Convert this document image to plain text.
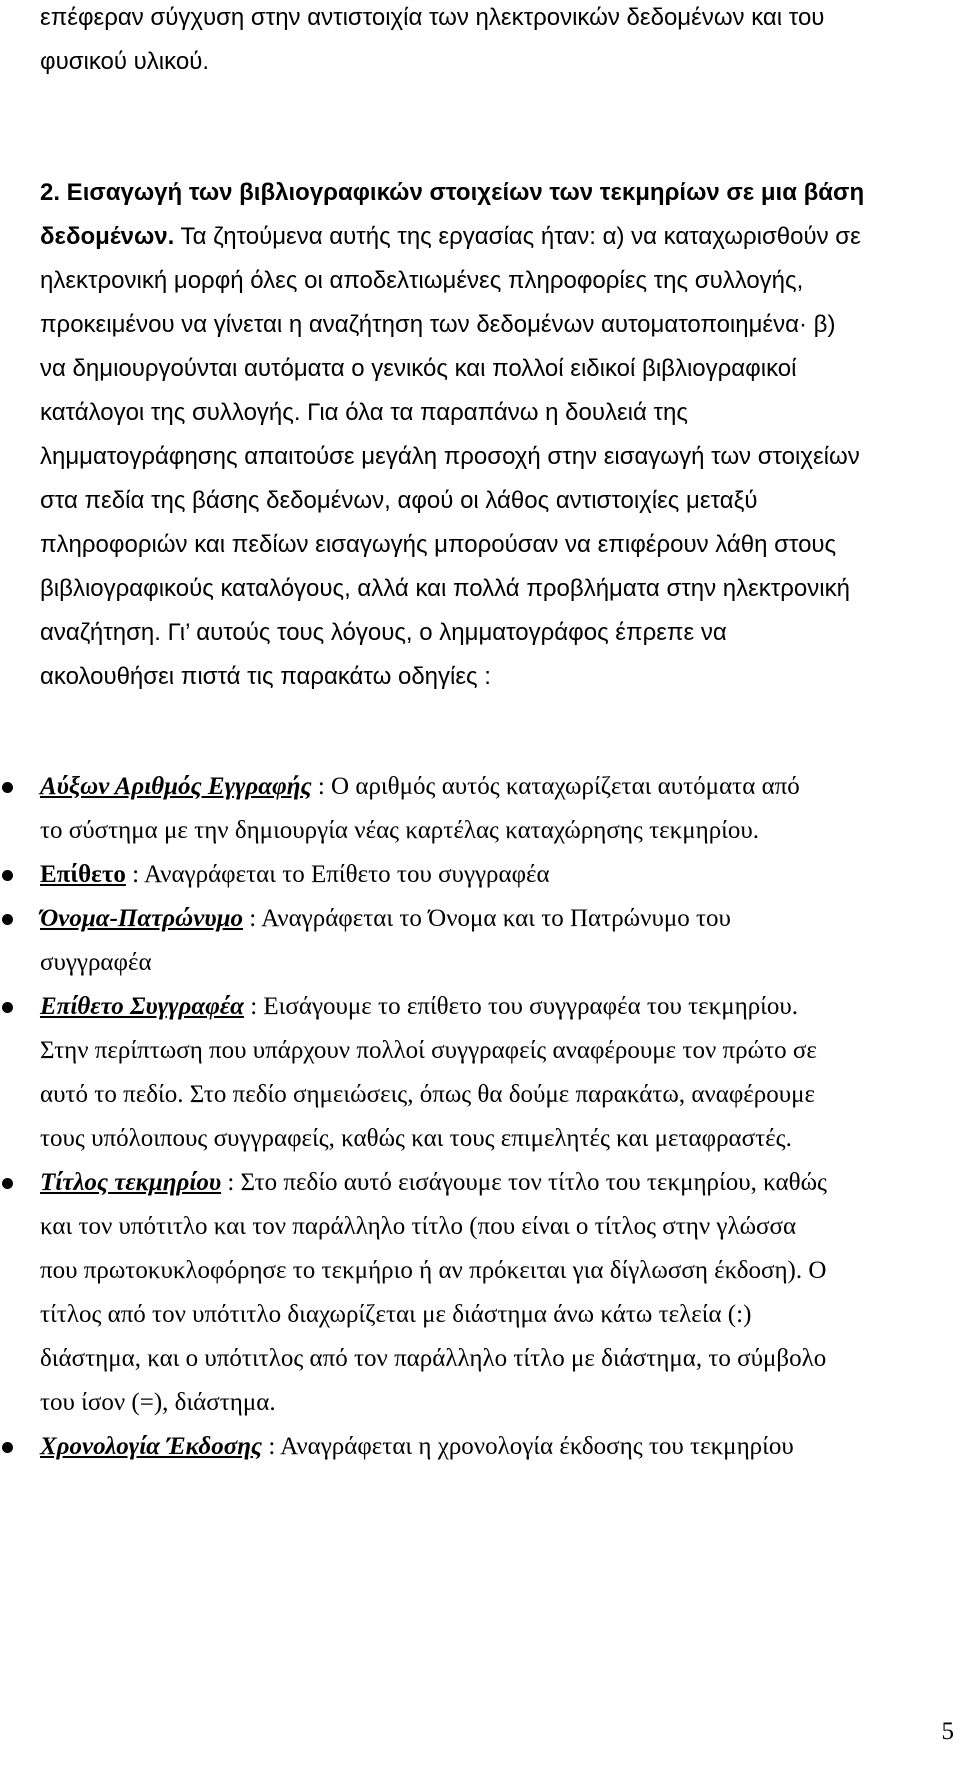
επέφεραν σύγχυση στην αντιστοιχία των ηλεκτρονικών δεδομένων και του
φυσικού υλικού.
2. Εισαγωγή των βιβλιογραφικών στοιχείων των τεκμηρίων σε μια βάση
δεδομένων. Τα ζητούμενα αυτής της εργασίας ήταν: α) να καταχωρισθούν σε
ηλεκτρονική μορφή όλες οι αποδελτιωμένες πληροφορίες της συλλογής,
προκειμένου να γίνεται η αναζήτηση των δεδομένων αυτοματοποιημένα· β)
να δημιουργούνται αυτόματα ο γενικός και πολλοί ειδικοί βιβλιογραφικοί
κατάλογοι της συλλογής. Για όλα τα παραπάνω η δουλειά της
λημματογράφησης απαιτούσε μεγάλη προσοχή στην εισαγωγή των στοιχείων
στα πεδία της βάσης δεδομένων, αφού οι λάθος αντιστοιχίες μεταξύ
πληροφοριών και πεδίων εισαγωγής μπορούσαν να επιφέρουν λάθη στους
βιβλιογραφικούς καταλόγους, αλλά και πολλά προβλήματα στην ηλεκτρονική
αναζήτηση. Γι’ αυτούς τους λόγους, ο λημματογράφος έπρεπε να
ακολουθήσει πιστά τις παρακάτω οδηγίες :
Αύξων Αριθμός Εγγραφής : Ο αριθμός αυτός καταχωρίζεται αυτόματα από
το σύστημα με την δημιουργία νέας καρτέλας καταχώρησης τεκμηρίου.
Επίθετο : Αναγράφεται το Επίθετο του συγγραφέα
Όνομα-Πατρώνυμο : Αναγράφεται το Όνομα και το Πατρώνυμο του
συγγραφέα
Επίθετο Συγγραφέα : Εισάγουμε το επίθετο του συγγραφέα του τεκμηρίου.
Στην περίπτωση που υπάρχουν πολλοί συγγραφείς αναφέρουμε τον πρώτο σε
αυτό το πεδίο. Στο πεδίο σημειώσεις, όπως θα δούμε παρακάτω, αναφέρουμε
τους υπόλοιπους συγγραφείς, καθώς και τους επιμελητές και μεταφραστές.
Τίτλος τεκμηρίου : Στο πεδίο αυτό εισάγουμε τον τίτλο του τεκμηρίου, καθώς
και τον υπότιτλο και τον παράλληλο τίτλο (που είναι ο τίτλος στην γλώσσα
που πρωτοκυκλοφόρησε το τεκμήριο ή αν πρόκειται για δίγλωσση έκδοση). Ο
τίτλος από τον υπότιτλο διαχωρίζεται με διάστημα άνω κάτω τελεία (:)
διάστημα, και ο υπότιτλος από τον παράλληλο τίτλο με διάστημα, το σύμβολο
του ίσον (=), διάστημα.
Χρονολογία Έκδοσης : Αναγράφεται η χρονολογία έκδοσης του τεκμηρίου
5
